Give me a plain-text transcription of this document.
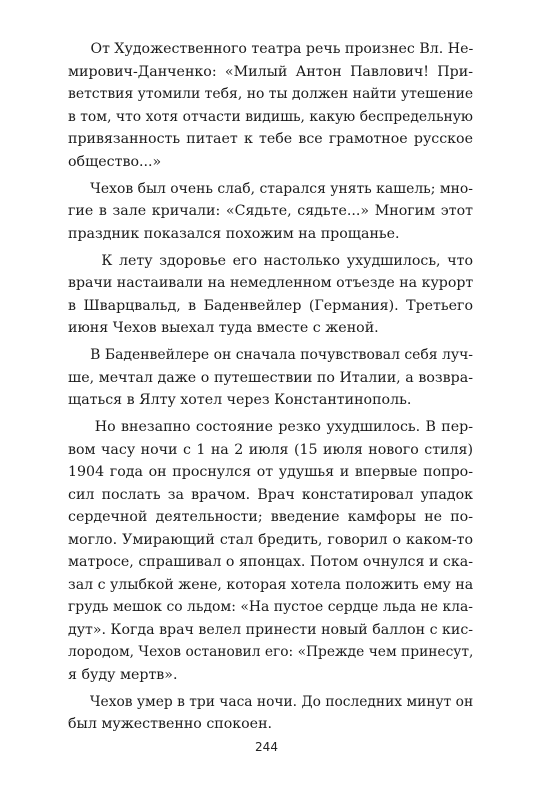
От Художественного театра речь произнес Вл. Не-
мирович-Данченко: «Милый Антон Павлович! При-
ветствия утомили тебя, но ты должен найти утешение
в том, что хотя отчасти видишь, какую беспредельную
привязанность питает к тебе все грамотное русское
общество...»
Чехов был очень слаб, старался унять кашель; мно-
гие в зале кричали: «Сядьте, сядьте...» Многим этот
праздник показался похожим на прощанье.
К лету здоровье его настолько ухудшилось, что
врачи настаивали на немедленном отъезде на курорт
в Шварцвальд, в Баденвейлер (Германия). Третьего
июня Чехов выехал туда вместе с женой.
В Баденвейлере он сначала почувствовал себя луч-
ше, мечтал даже о путешествии по Италии, а возвра-
щаться в Ялту хотел через Константинополь.
Но внезапно состояние резко ухудшилось. В пер-
вом часу ночи с 1 на 2 июля (15 июля нового стиля)
1904 года он проснулся от удушья и впервые попро-
сил послать за врачом. Врач констатировал упадок
сердечной деятельности; введение камфоры не по-
могло. Умирающий стал бредить, говорил о каком-то
матросе, спрашивал о японцах. Потом очнулся и ска-
зал с улыбкой жене, которая хотела положить ему на
грудь мешок со льдом: «На пустое сердце льда не кла-
дут». Когда врач велел принести новый баллон с кис-
лородом, Чехов остановил его: «Прежде чем принесут,
я буду мертв».
Чехов умер в три часа ночи. До последних минут он
был мужественно спокоен.
244
